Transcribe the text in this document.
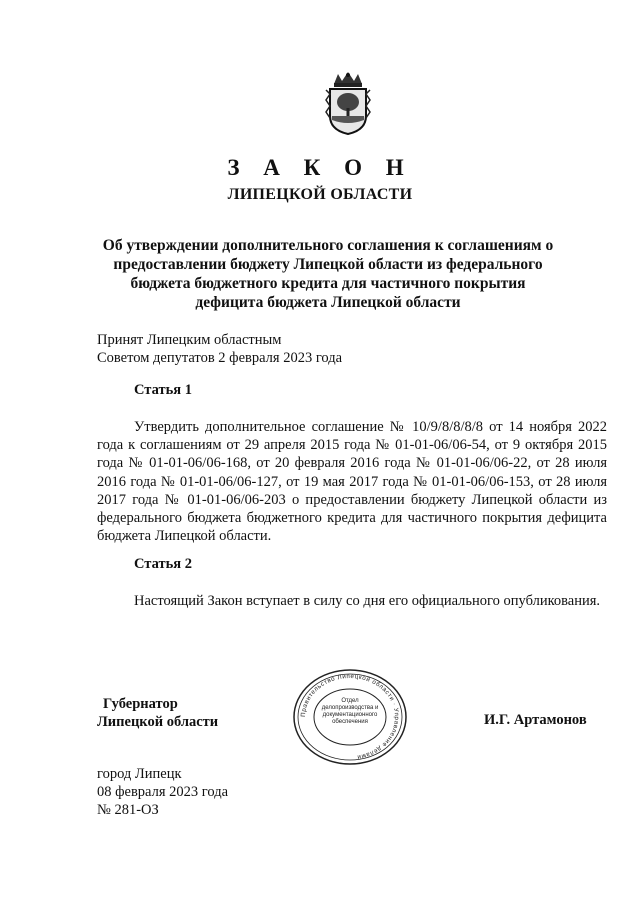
З А К О Н
ЛИПЕЦКОЙ ОБЛАСТИ
Об утверждении дополнительного соглашения к соглашениям о предоставлении бюджету Липецкой области из федерального бюджета бюджетного кредита для частичного покрытия дефицита бюджета Липецкой области
Принят Липецким областным
Советом депутатов 2 февраля 2023 года
Статья 1
Утвердить дополнительное соглашение № 10/9/8/8/8/8 от 14 ноября 2022 года к соглашениям от 29 апреля 2015 года № 01-01-06/06-54, от 9 октября 2015 года № 01-01-06/06-168, от 20 февраля 2016 года № 01-01-06/06-22, от 28 июля 2016 года № 01-01-06/06-127, от 19 мая 2017 года № 01-01-06/06-153, от 28 июля 2017 года № 01-01-06/06-203 о предоставлении бюджету Липецкой области из федерального бюджета бюджетного кредита для частичного покрытия дефицита бюджета Липецкой области.
Статья 2
Настоящий Закон вступает в силу со дня его официального опубликования.
Губернатор
Липецкой области	Правительство Липецкой области · Управление делами
Отдел делопроизводства и документационного обеспечения	И.Г. Артамонов
город Липецк
08 февраля 2023 года
№ 281-ОЗ
